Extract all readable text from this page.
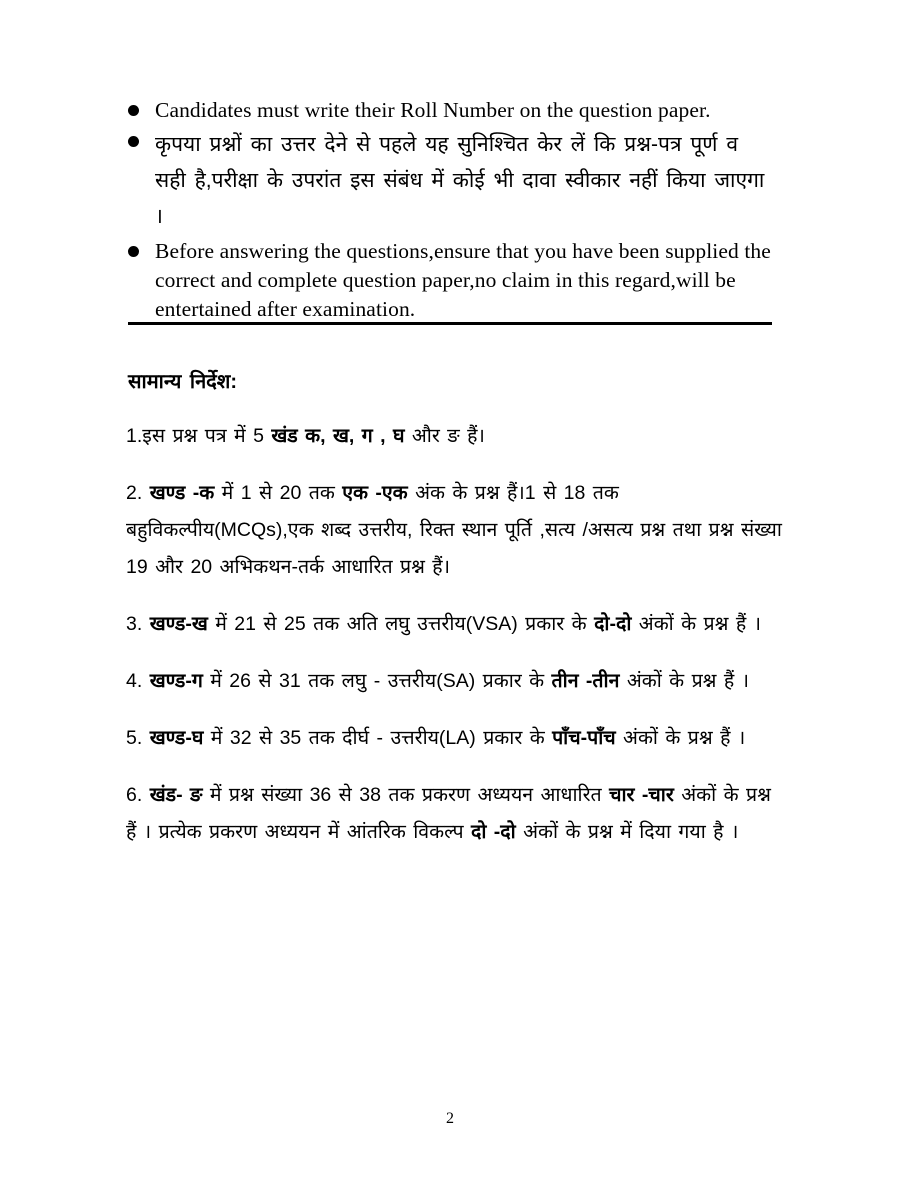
Candidates must write their Roll Number on the question paper.
कृपया प्रश्नों का उत्तर देने से पहले यह सुनिश्चित केर लें कि प्रश्न-पत्र पूर्ण व सही है,परीक्षा के उपरांत इस संबंध में कोई भी दावा स्वीकार नहीं किया जाएगा ।
Before answering the questions,ensure that you have been supplied the correct and complete question paper,no claim in this regard,will be entertained after examination.
सामान्य निर्देश:
1.इस प्रश्न पत्र में 5 खंड क, ख, ग , घ और ङ हैं।
2. खण्ड -क में 1 से 20 तक एक -एक अंक के प्रश्न हैं।1 से 18 तक बहुविकल्पीय(MCQs),एक शब्द उत्तरीय, रिक्त स्थान पूर्ति ,सत्य /असत्य प्रश्न तथा प्रश्न संख्या 19 और 20 अभिकथन-तर्क आधारित प्रश्न हैं।
3. खण्ड-ख में 21 से 25 तक अति लघु उत्तरीय(VSA) प्रकार के दो-दो अंकों के प्रश्न हैं ।
4. खण्ड-ग में 26 से 31 तक लघु - उत्तरीय(SA) प्रकार के तीन -तीन अंकों के प्रश्न हैं ।
5. खण्ड-घ में 32 से 35 तक दीर्घ - उत्तरीय(LA) प्रकार के पाँच-पाँच अंकों के प्रश्न हैं ।
6. खंड- ङ में प्रश्न संख्या 36 से 38 तक प्रकरण अध्ययन आधारित चार -चार अंकों के प्रश्न हैं । प्रत्येक प्रकरण अध्ययन में आंतरिक विकल्प दो -दो अंकों के प्रश्न में दिया गया है ।
2
